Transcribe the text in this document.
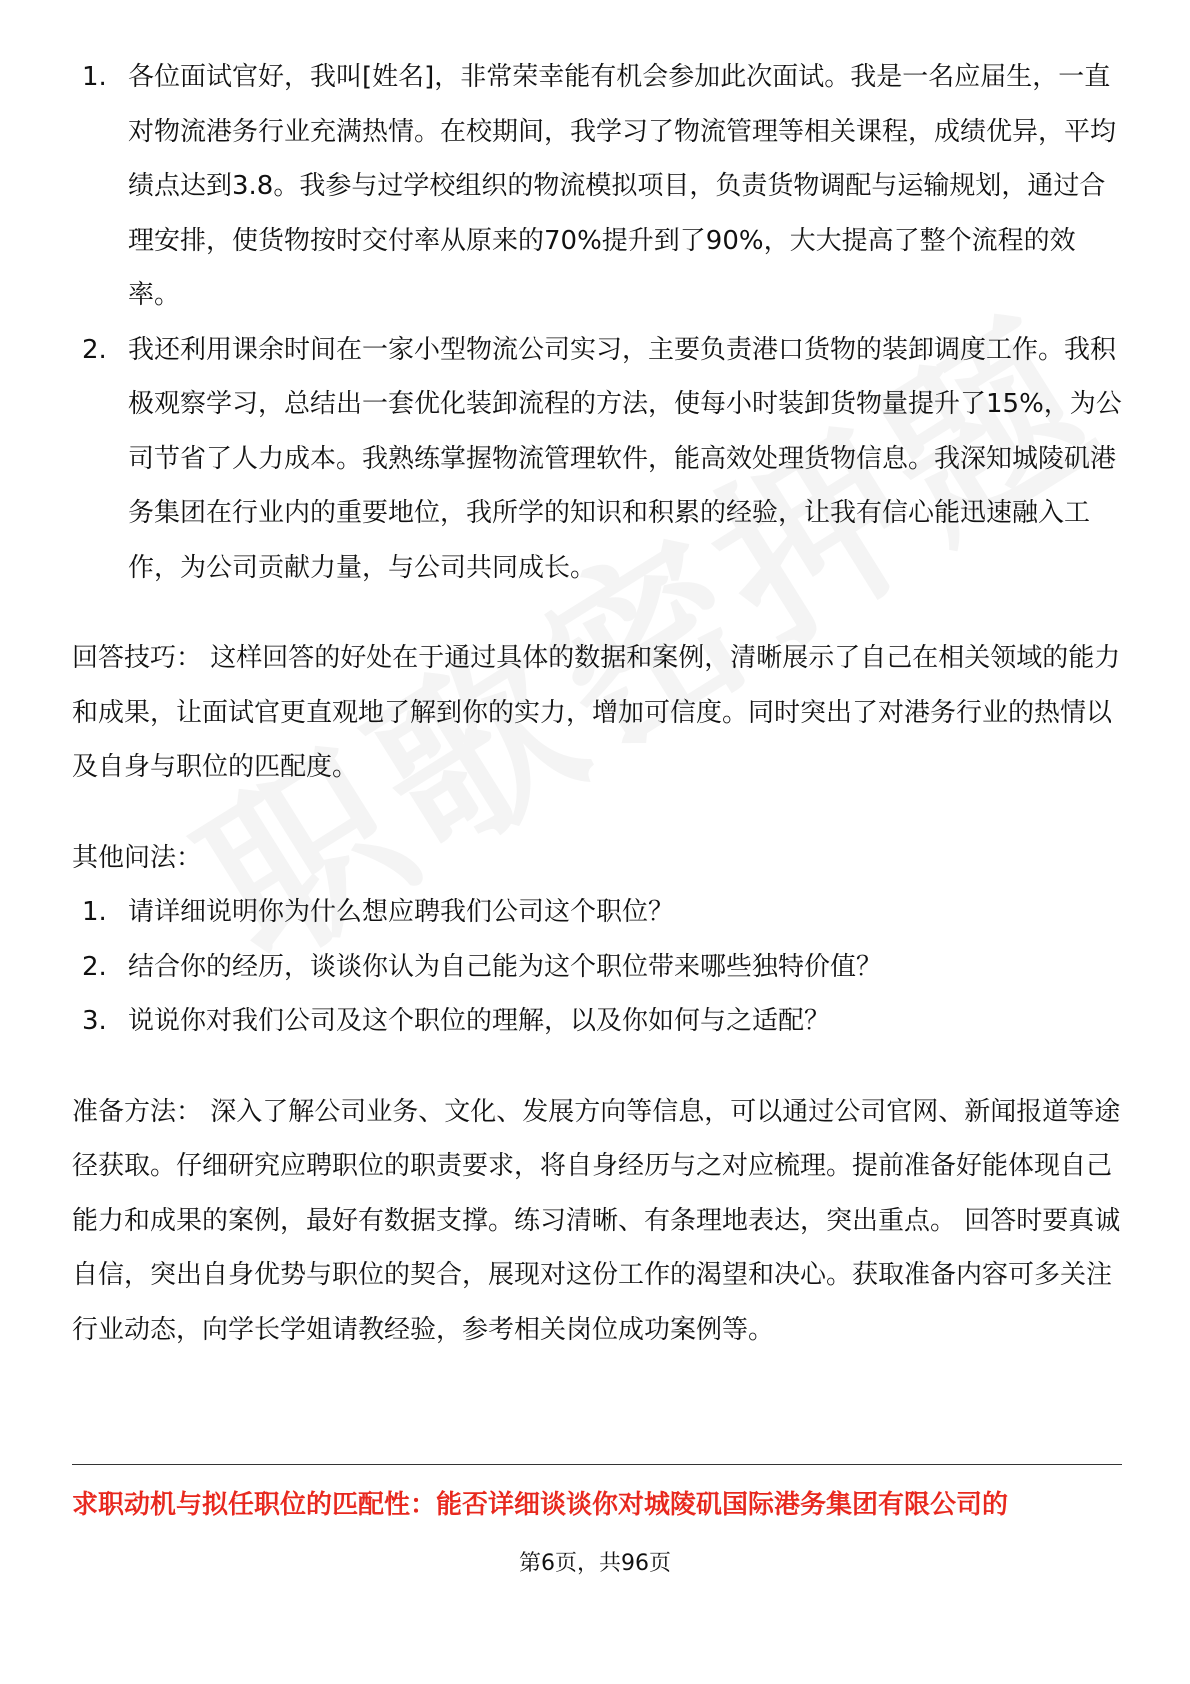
1. 各位面试官好，我叫[姓名]，非常荣幸能有机会参加此次面试。我是一名应届生，一直对物流港务行业充满热情。在校期间，我学习了物流管理等相关课程，成绩优异，平均绩点达到3.8。我参与过学校组织的物流模拟项目，负责货物调配与运输规划，通过合理安排，使货物按时交付率从原来的70%提升到了90%，大大提高了整个流程的效率。
2. 我还利用课余时间在一家小型物流公司实习，主要负责港口货物的装卸调度工作。我积极观察学习，总结出一套优化装卸流程的方法，使每小时装卸货物量提升了15%，为公司节省了人力成本。我熟练掌握物流管理软件，能高效处理货物信息。我深知城陵矶港务集团在行业内的重要地位，我所学的知识和积累的经验，让我有信心能迅速融入工作，为公司贡献力量，与公司共同成长。

回答技巧： 这样回答的好处在于通过具体的数据和案例，清晰展示了自己在相关领域的能力和成果，让面试官更直观地了解到你的实力，增加可信度。同时突出了对港务行业的热情以及自身与职位的匹配度。

其他问法：

1. 请详细说明你为什么想应聘我们公司这个职位？
2. 结合你的经历，谈谈你认为自己能为这个职位带来哪些独特价值？
3. 说说你对我们公司及这个职位的理解，以及你如何与之适配？

准备方法： 深入了解公司业务、文化、发展方向等信息，可以通过公司官网、新闻报道等途径获取。仔细研究应聘职位的职责要求，将自身经历与之对应梳理。提前准备好能体现自己能力和成果的案例，最好有数据支撑。练习清晰、有条理地表达，突出重点。 回答时要真诚自信，突出自身优势与职位的契合，展现对这份工作的渴望和决心。获取准备内容可多关注行业动态，向学长学姐请教经验，参考相关岗位成功案例等。

求职动机与拟任职位的匹配性：能否详细谈谈你对城陵矶国际港务集团有限公司的
第6页，共96页
